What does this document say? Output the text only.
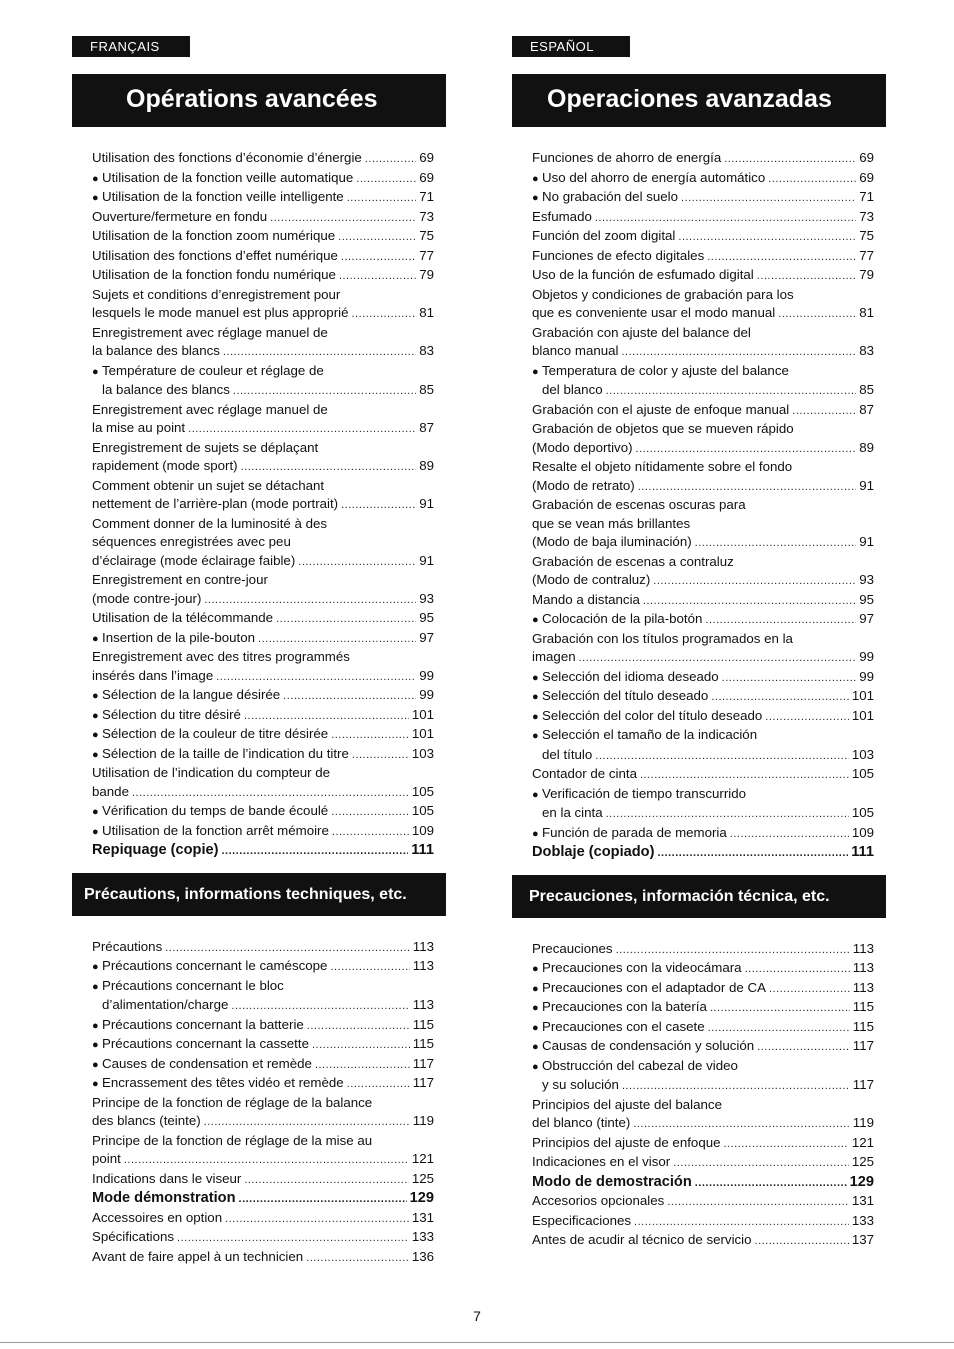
FRANÇAIS
Opérations avancées
Utilisation des fonctions d’économie d’énergie .....	69
● Utilisation de la fonction veille automatique .....	69
● Utilisation de la fonction veille intelligente .....	71
Ouverture/fermeture en fondu .....	73
Utilisation de la fonction zoom numérique .....	75
Utilisation des fonctions d’effet numérique .....	77
Utilisation de la fonction fondu numérique .....	79
Sujets et conditions d’enregistrement pour
lesquels le mode manuel est plus approprié .....	81
Enregistrement avec réglage manuel de
la balance des blancs .....	83
● Température de couleur et réglage de
la balance des blancs .....	85
Enregistrement avec réglage manuel de
la mise au point .....	87
Enregistrement de sujets se déplaçant
rapidement (mode sport) .....	89
Comment obtenir un sujet se détachant
nettement de l’arrière-plan (mode portrait) .....	91
Comment donner de la luminosité à des
séquences enregistrées avec peu
d’éclairage (mode éclairage faible) .....	91
Enregistrement en contre-jour
(mode contre-jour) .....	93
Utilisation de la télécommande .....	95
● Insertion de la pile-bouton .....	97
Enregistrement avec des titres programmés
insérés dans l’image .....	99
● Sélection de la langue désirée .....	99
● Sélection du titre désiré .....	101
● Sélection de la couleur de titre désirée .....	101
● Sélection de la taille de l’indication du titre .....	103
Utilisation de l’indication du compteur de
bande .....	105
● Vérification du temps de bande écoulé .....	105
● Utilisation de la fonction arrêt mémoire .....	109
Repiquage (copie) .....	111
Précautions, informations techniques, etc.
Précautions .....	113
● Précautions concernant le caméscope .....	113
● Précautions concernant le bloc
d’alimentation/charge .....	113
● Précautions concernant la batterie .....	115
● Précautions concernant la cassette .....	115
● Causes de condensation et remède .....	117
● Encrassement des têtes vidéo et remède .....	117
Principe de la fonction de réglage de la balance
des blancs (teinte) .....	119
Principe de la fonction de réglage de la mise au
point .....	121
Indications dans le viseur .....	125
Mode démonstration .....	129
Accessoires en option .....	131
Spécifications .....	133
Avant de faire appel à un technicien .....	136
ESPAÑOL
Operaciones avanzadas
Funciones de ahorro de energía .....	69
● Uso del ahorro de energía automático .....	69
● No grabación del suelo .....	71
Esfumado .....	73
Función del zoom digital .....	75
Funciones de efecto digitales .....	77
Uso de la función de esfumado digital .....	79
Objetos y condiciones de grabación para los
que es conveniente usar el modo manual .....	81
Grabación con ajuste del balance del
blanco manual .....	83
● Temperatura de color y ajuste del balance
del blanco .....	85
Grabación con el ajuste de enfoque manual .....	87
Grabación de objetos que se mueven rápido
(Modo deportivo) .....	89
Resalte el objeto nítidamente sobre el fondo
(Modo de retrato) .....	91
Grabación de escenas oscuras para
que se vean más brillantes
(Modo de baja iluminación) .....	91
Grabación de escenas a contraluz
(Modo de contraluz) .....	93
Mando a distancia .....	95
● Colocación de la pila-botón .....	97
Grabación con los títulos programados en la
imagen .....	99
● Selección del idioma deseado .....	99
● Selección del título deseado .....	101
● Selección del color del título deseado .....	101
● Selección el tamaño de la indicación
del título .....	103
Contador de cinta .....	105
● Verificación de tiempo transcurrido
en la cinta .....	105
● Función de parada de memoria .....	109
Doblaje (copiado) .....	111
Precauciones, información técnica, etc.
Precauciones .....	113
● Precauciones con la videocámara .....	113
● Precauciones con el adaptador de CA .....	113
● Precauciones con la batería .....	115
● Precauciones con el casete .....	115
● Causas de condensación y solución .....	117
● Obstrucción del cabezal de video
y su solución .....	117
Principios del ajuste del balance
del blanco (tinte) .....	119
Principios del ajuste de enfoque .....	121
Indicaciones en el visor .....	125
Modo de demostración .....	129
Accesorios opcionales .....	131
Especificaciones .....	133
Antes de acudir al técnico de servicio .....	137
7
